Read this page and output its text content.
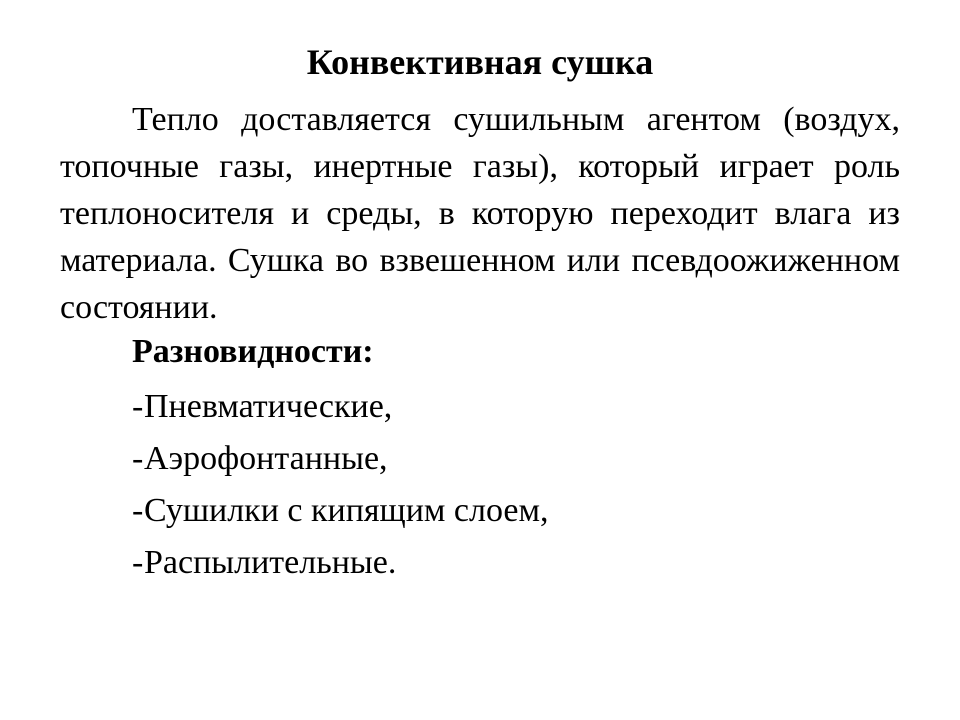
Конвективная сушка

Тепло доставляется сушильным агентом (воздух, топочные газы, инертные газы), который играет роль теплоносителя и среды, в которую переходит влага из материала. Сушка во взвешенном или псевдоожиженном состоянии.

Разновидности:
-Пневматические,
-Аэрофонтанные,
-Сушилки с кипящим слоем,
-Распылительные.
